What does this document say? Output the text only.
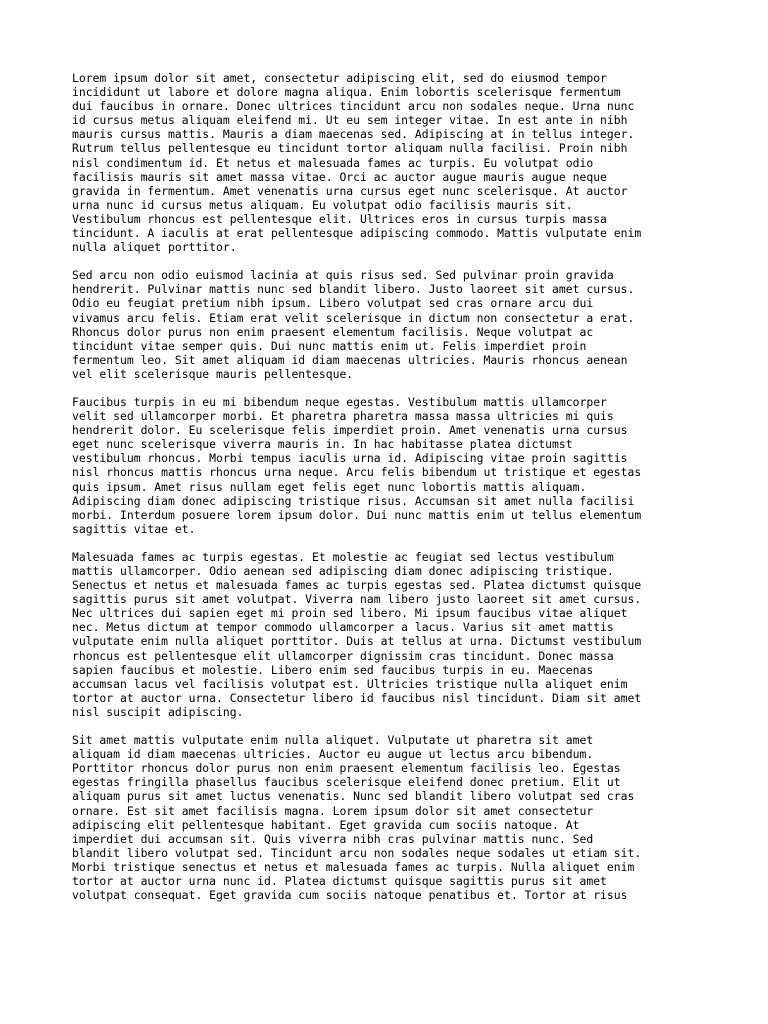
Lorem ipsum dolor sit amet, consectetur adipiscing elit, sed do eiusmod tempor
incididunt ut labore et dolore magna aliqua. Enim lobortis scelerisque fermentum
dui faucibus in ornare. Donec ultrices tincidunt arcu non sodales neque. Urna nunc
id cursus metus aliquam eleifend mi. Ut eu sem integer vitae. In est ante in nibh
mauris cursus mattis. Mauris a diam maecenas sed. Adipiscing at in tellus integer.
Rutrum tellus pellentesque eu tincidunt tortor aliquam nulla facilisi. Proin nibh
nisl condimentum id. Et netus et malesuada fames ac turpis. Eu volutpat odio
facilisis mauris sit amet massa vitae. Orci ac auctor augue mauris augue neque
gravida in fermentum. Amet venenatis urna cursus eget nunc scelerisque. At auctor
urna nunc id cursus metus aliquam. Eu volutpat odio facilisis mauris sit.
Vestibulum rhoncus est pellentesque elit. Ultrices eros in cursus turpis massa
tincidunt. A iaculis at erat pellentesque adipiscing commodo. Mattis vulputate enim
nulla aliquet porttitor.

Sed arcu non odio euismod lacinia at quis risus sed. Sed pulvinar proin gravida
hendrerit. Pulvinar mattis nunc sed blandit libero. Justo laoreet sit amet cursus.
Odio eu feugiat pretium nibh ipsum. Libero volutpat sed cras ornare arcu dui
vivamus arcu felis. Etiam erat velit scelerisque in dictum non consectetur a erat.
Rhoncus dolor purus non enim praesent elementum facilisis. Neque volutpat ac
tincidunt vitae semper quis. Dui nunc mattis enim ut. Felis imperdiet proin
fermentum leo. Sit amet aliquam id diam maecenas ultricies. Mauris rhoncus aenean
vel elit scelerisque mauris pellentesque.

Faucibus turpis in eu mi bibendum neque egestas. Vestibulum mattis ullamcorper
velit sed ullamcorper morbi. Et pharetra pharetra massa massa ultricies mi quis
hendrerit dolor. Eu scelerisque felis imperdiet proin. Amet venenatis urna cursus
eget nunc scelerisque viverra mauris in. In hac habitasse platea dictumst
vestibulum rhoncus. Morbi tempus iaculis urna id. Adipiscing vitae proin sagittis
nisl rhoncus mattis rhoncus urna neque. Arcu felis bibendum ut tristique et egestas
quis ipsum. Amet risus nullam eget felis eget nunc lobortis mattis aliquam.
Adipiscing diam donec adipiscing tristique risus. Accumsan sit amet nulla facilisi
morbi. Interdum posuere lorem ipsum dolor. Dui nunc mattis enim ut tellus elementum
sagittis vitae et.

Malesuada fames ac turpis egestas. Et molestie ac feugiat sed lectus vestibulum
mattis ullamcorper. Odio aenean sed adipiscing diam donec adipiscing tristique.
Senectus et netus et malesuada fames ac turpis egestas sed. Platea dictumst quisque
sagittis purus sit amet volutpat. Viverra nam libero justo laoreet sit amet cursus.
Nec ultrices dui sapien eget mi proin sed libero. Mi ipsum faucibus vitae aliquet
nec. Metus dictum at tempor commodo ullamcorper a lacus. Varius sit amet mattis
vulputate enim nulla aliquet porttitor. Duis at tellus at urna. Dictumst vestibulum
rhoncus est pellentesque elit ullamcorper dignissim cras tincidunt. Donec massa
sapien faucibus et molestie. Libero enim sed faucibus turpis in eu. Maecenas
accumsan lacus vel facilisis volutpat est. Ultricies tristique nulla aliquet enim
tortor at auctor urna. Consectetur libero id faucibus nisl tincidunt. Diam sit amet
nisl suscipit adipiscing.

Sit amet mattis vulputate enim nulla aliquet. Vulputate ut pharetra sit amet
aliquam id diam maecenas ultricies. Auctor eu augue ut lectus arcu bibendum.
Porttitor rhoncus dolor purus non enim praesent elementum facilisis leo. Egestas
egestas fringilla phasellus faucibus scelerisque eleifend donec pretium. Elit ut
aliquam purus sit amet luctus venenatis. Nunc sed blandit libero volutpat sed cras
ornare. Est sit amet facilisis magna. Lorem ipsum dolor sit amet consectetur
adipiscing elit pellentesque habitant. Eget gravida cum sociis natoque. At
imperdiet dui accumsan sit. Quis viverra nibh cras pulvinar mattis nunc. Sed
blandit libero volutpat sed. Tincidunt arcu non sodales neque sodales ut etiam sit.
Morbi tristique senectus et netus et malesuada fames ac turpis. Nulla aliquet enim
tortor at auctor urna nunc id. Platea dictumst quisque sagittis purus sit amet
volutpat consequat. Eget gravida cum sociis natoque penatibus et. Tortor at risus
